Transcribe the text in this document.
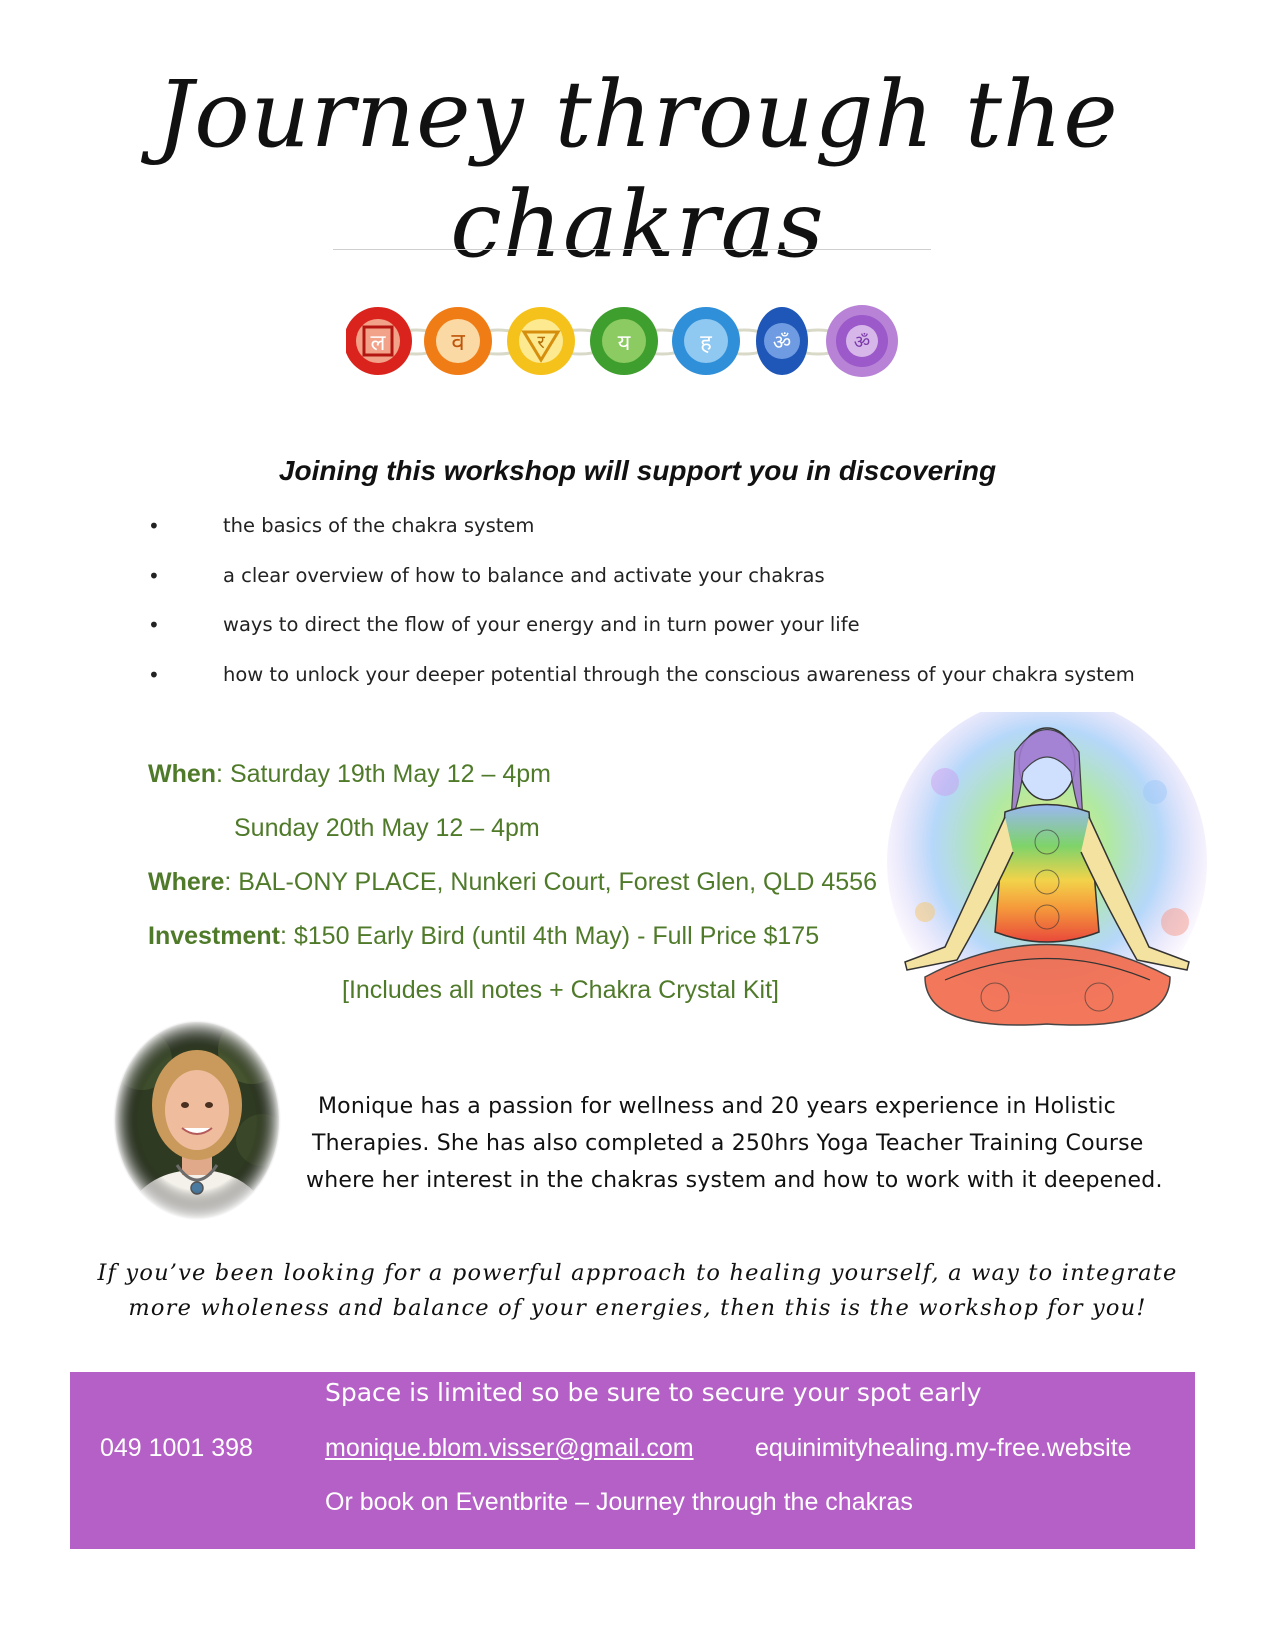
Journey through the chakras
ल	व	र	य	ह	ॐ	ॐ
Joining this workshop will support you in discovering
•	the basics of the chakra system
•	a clear overview of how to balance and activate your chakras
•	ways to direct the flow of your energy and in turn power your life
•	how to unlock your deeper potential through the conscious awareness of your chakra system
When: Saturday 19th May 12 – 4pm
Sunday 20th May 12 – 4pm
Where: BAL-ONY PLACE, Nunkeri Court, Forest Glen, QLD 4556
Investment: $150 Early Bird (until 4th May) - Full Price $175
[Includes all notes + Chakra Crystal Kit]
Monique has a passion for wellness and 20 years experience in Holistic
Therapies. She has also completed a 250hrs Yoga Teacher Training Course
where her interest in the chakras system and how to work with it deepened.
If you’ve been looking for a powerful approach to healing yourself, a way to integrate
more wholeness and balance of your energies, then this is the workshop for you!
Space is limited so be sure to secure your spot early
049 1001 398	monique.blom.visser@gmail.com equinimityhealing.my-free.website
Or book on Eventbrite – Journey through the chakras
